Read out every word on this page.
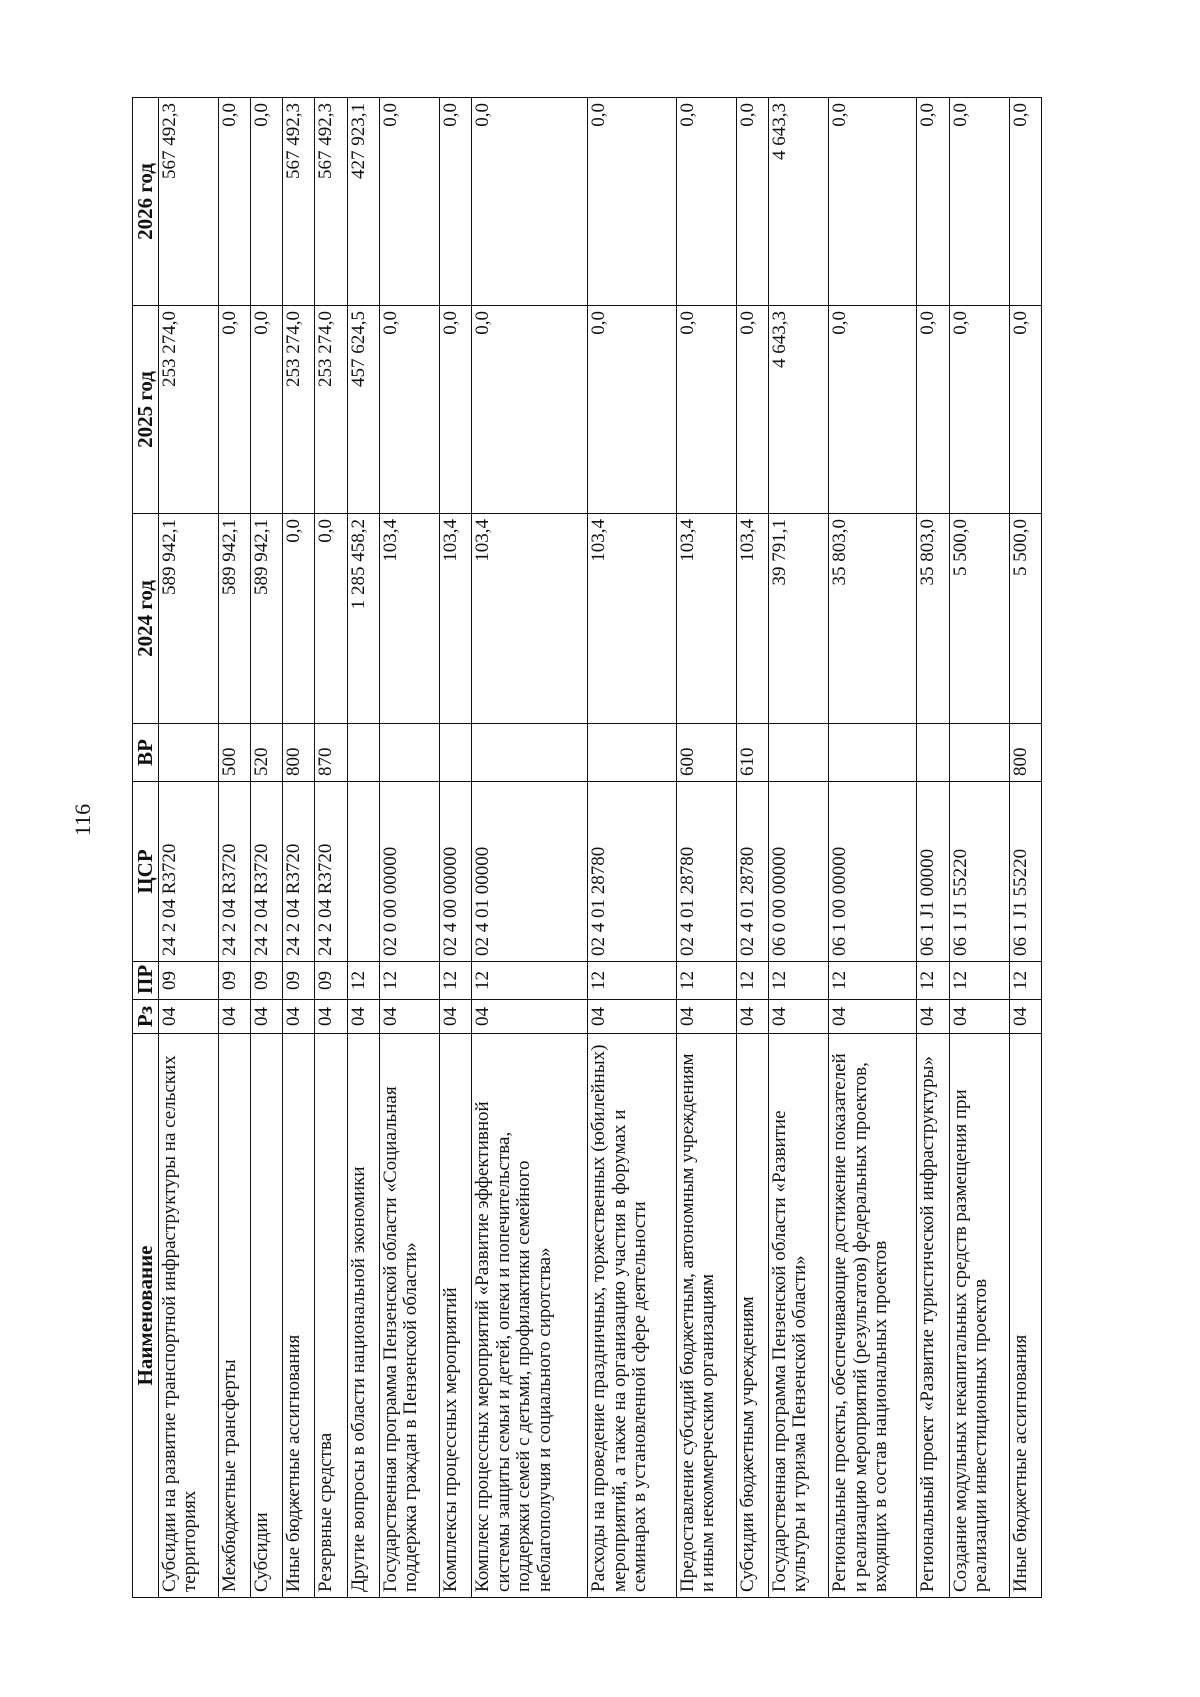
116
Наименование	Рз	ПР	ЦСР	ВР	2024 год	2025 год	2026 год
Субсидии на развитие транспортной инфраструктуры на сельских территориях	04	09	24 2 04 R3720		589 942,1	253 274,0	567 492,3
Межбюджетные трансферты	04	09	24 2 04 R3720	500	589 942,1	0,0	0,0
Субсидии	04	09	24 2 04 R3720	520	589 942,1	0,0	0,0
Иные бюджетные ассигнования	04	09	24 2 04 R3720	800	0,0	253 274,0	567 492,3
Резервные средства	04	09	24 2 04 R3720	870	0,0	253 274,0	567 492,3
Другие вопросы в области национальной экономики	04	12			1 285 458,2	457 624,5	427 923,1
Государственная программа Пензенской области «Социальная поддержка граждан в Пензенской области»	04	12	02 0 00 00000		103,4	0,0	0,0
Комплексы процессных мероприятий	04	12	02 4 00 00000		103,4	0,0	0,0
Комплекс процессных мероприятий «Развитие эффективной системы защиты семьи и детей, опеки и попечительства, поддержки семей с детьми, профилактики семейного неблагополучия и социального сиротства»	04	12	02 4 01 00000		103,4	0,0	0,0
Расходы на проведение праздничных, торжественных (юбилейных) мероприятий, а также на организацию участия в форумах и семинарах в установленной сфере деятельности	04	12	02 4 01 28780		103,4	0,0	0,0
Предоставление субсидий бюджетным, автономным учреждениям и иным некоммерческим организациям	04	12	02 4 01 28780	600	103,4	0,0	0,0
Субсидии бюджетным учреждениям	04	12	02 4 01 28780	610	103,4	0,0	0,0
Государственная программа Пензенской области «Развитие культуры и туризма Пензенской области»	04	12	06 0 00 00000		39 791,1	4 643,3	4 643,3
Региональные проекты, обеспечивающие достижение показателей и реализацию мероприятий (результатов) федеральных проектов, входящих в состав национальных проектов	04	12	06 1 00 00000		35 803,0	0,0	0,0
Региональный проект «Развитие туристической инфраструктуры»	04	12	06 1 J1 00000		35 803,0	0,0	0,0
Создание модульных некапитальных средств размещения при реализации инвестиционных проектов	04	12	06 1 J1 55220		5 500,0	0,0	0,0
Иные бюджетные ассигнования	04	12	06 1 J1 55220	800	5 500,0	0,0	0,0
